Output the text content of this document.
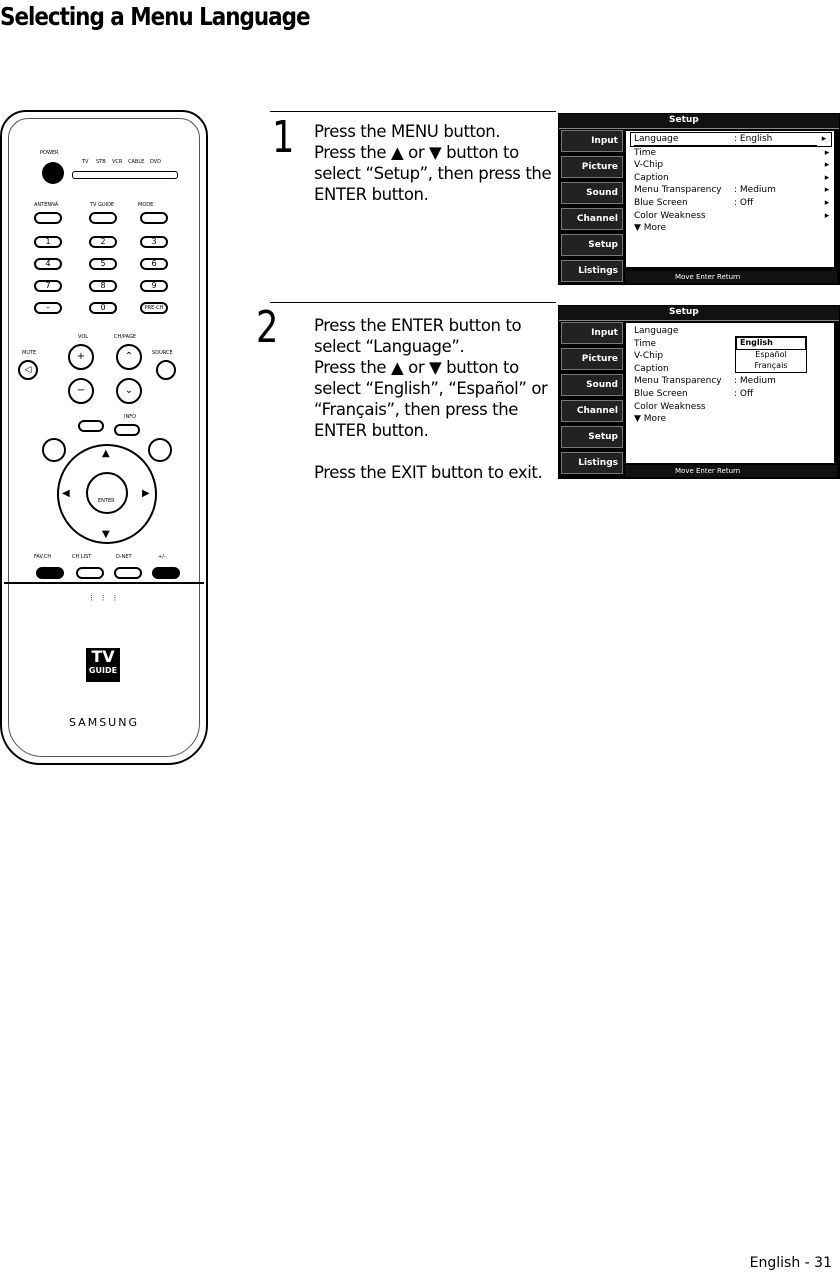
Selecting a Menu Language
POWER
TV STB VCR CABLE DVD
ANTENNA	TV GUIDE	MODE
1	2	3
4	5	6
7	8	9
-	0	PRE-CH
VOL	CH/PAGE
MUTE	SOURCE
◁
+	⌃
−	⌄
INFO
▲
▼
◀	▶
ENTER
FAV.CH	CH LIST	D-NET	+/-
⁝ ⁝ ⁝
TV
GUIDE
SAMSUNG
1 Press the MENU button.

Press the ▲ or ▼ button to select “Setup”, then press the ENTER button.

Setup
Input
Picture
Sound
Channel
Setup
Listings
Language	: English	▸
Time	▸
V-Chip	▸
Caption	▸
Menu Transparency	: Medium	▸
Blue Screen	: Off	▸
Color Weakness	▸
▼ More
Move Enter Return
2 Press the ENTER button to select “Language”.

Press the ▲ or ▼ button to select “English”, “Español” or “Français”, then press the ENTER button.

Press the EXIT button to exit.

Setup
Input
Picture
Sound
Channel
Setup
Listings
Language
Time
V-Chip
Caption
Menu Transparency	: Medium
Blue Screen	: Off
Color Weakness
▼ More
English
Español
Français
Move Enter Return
English - 31
